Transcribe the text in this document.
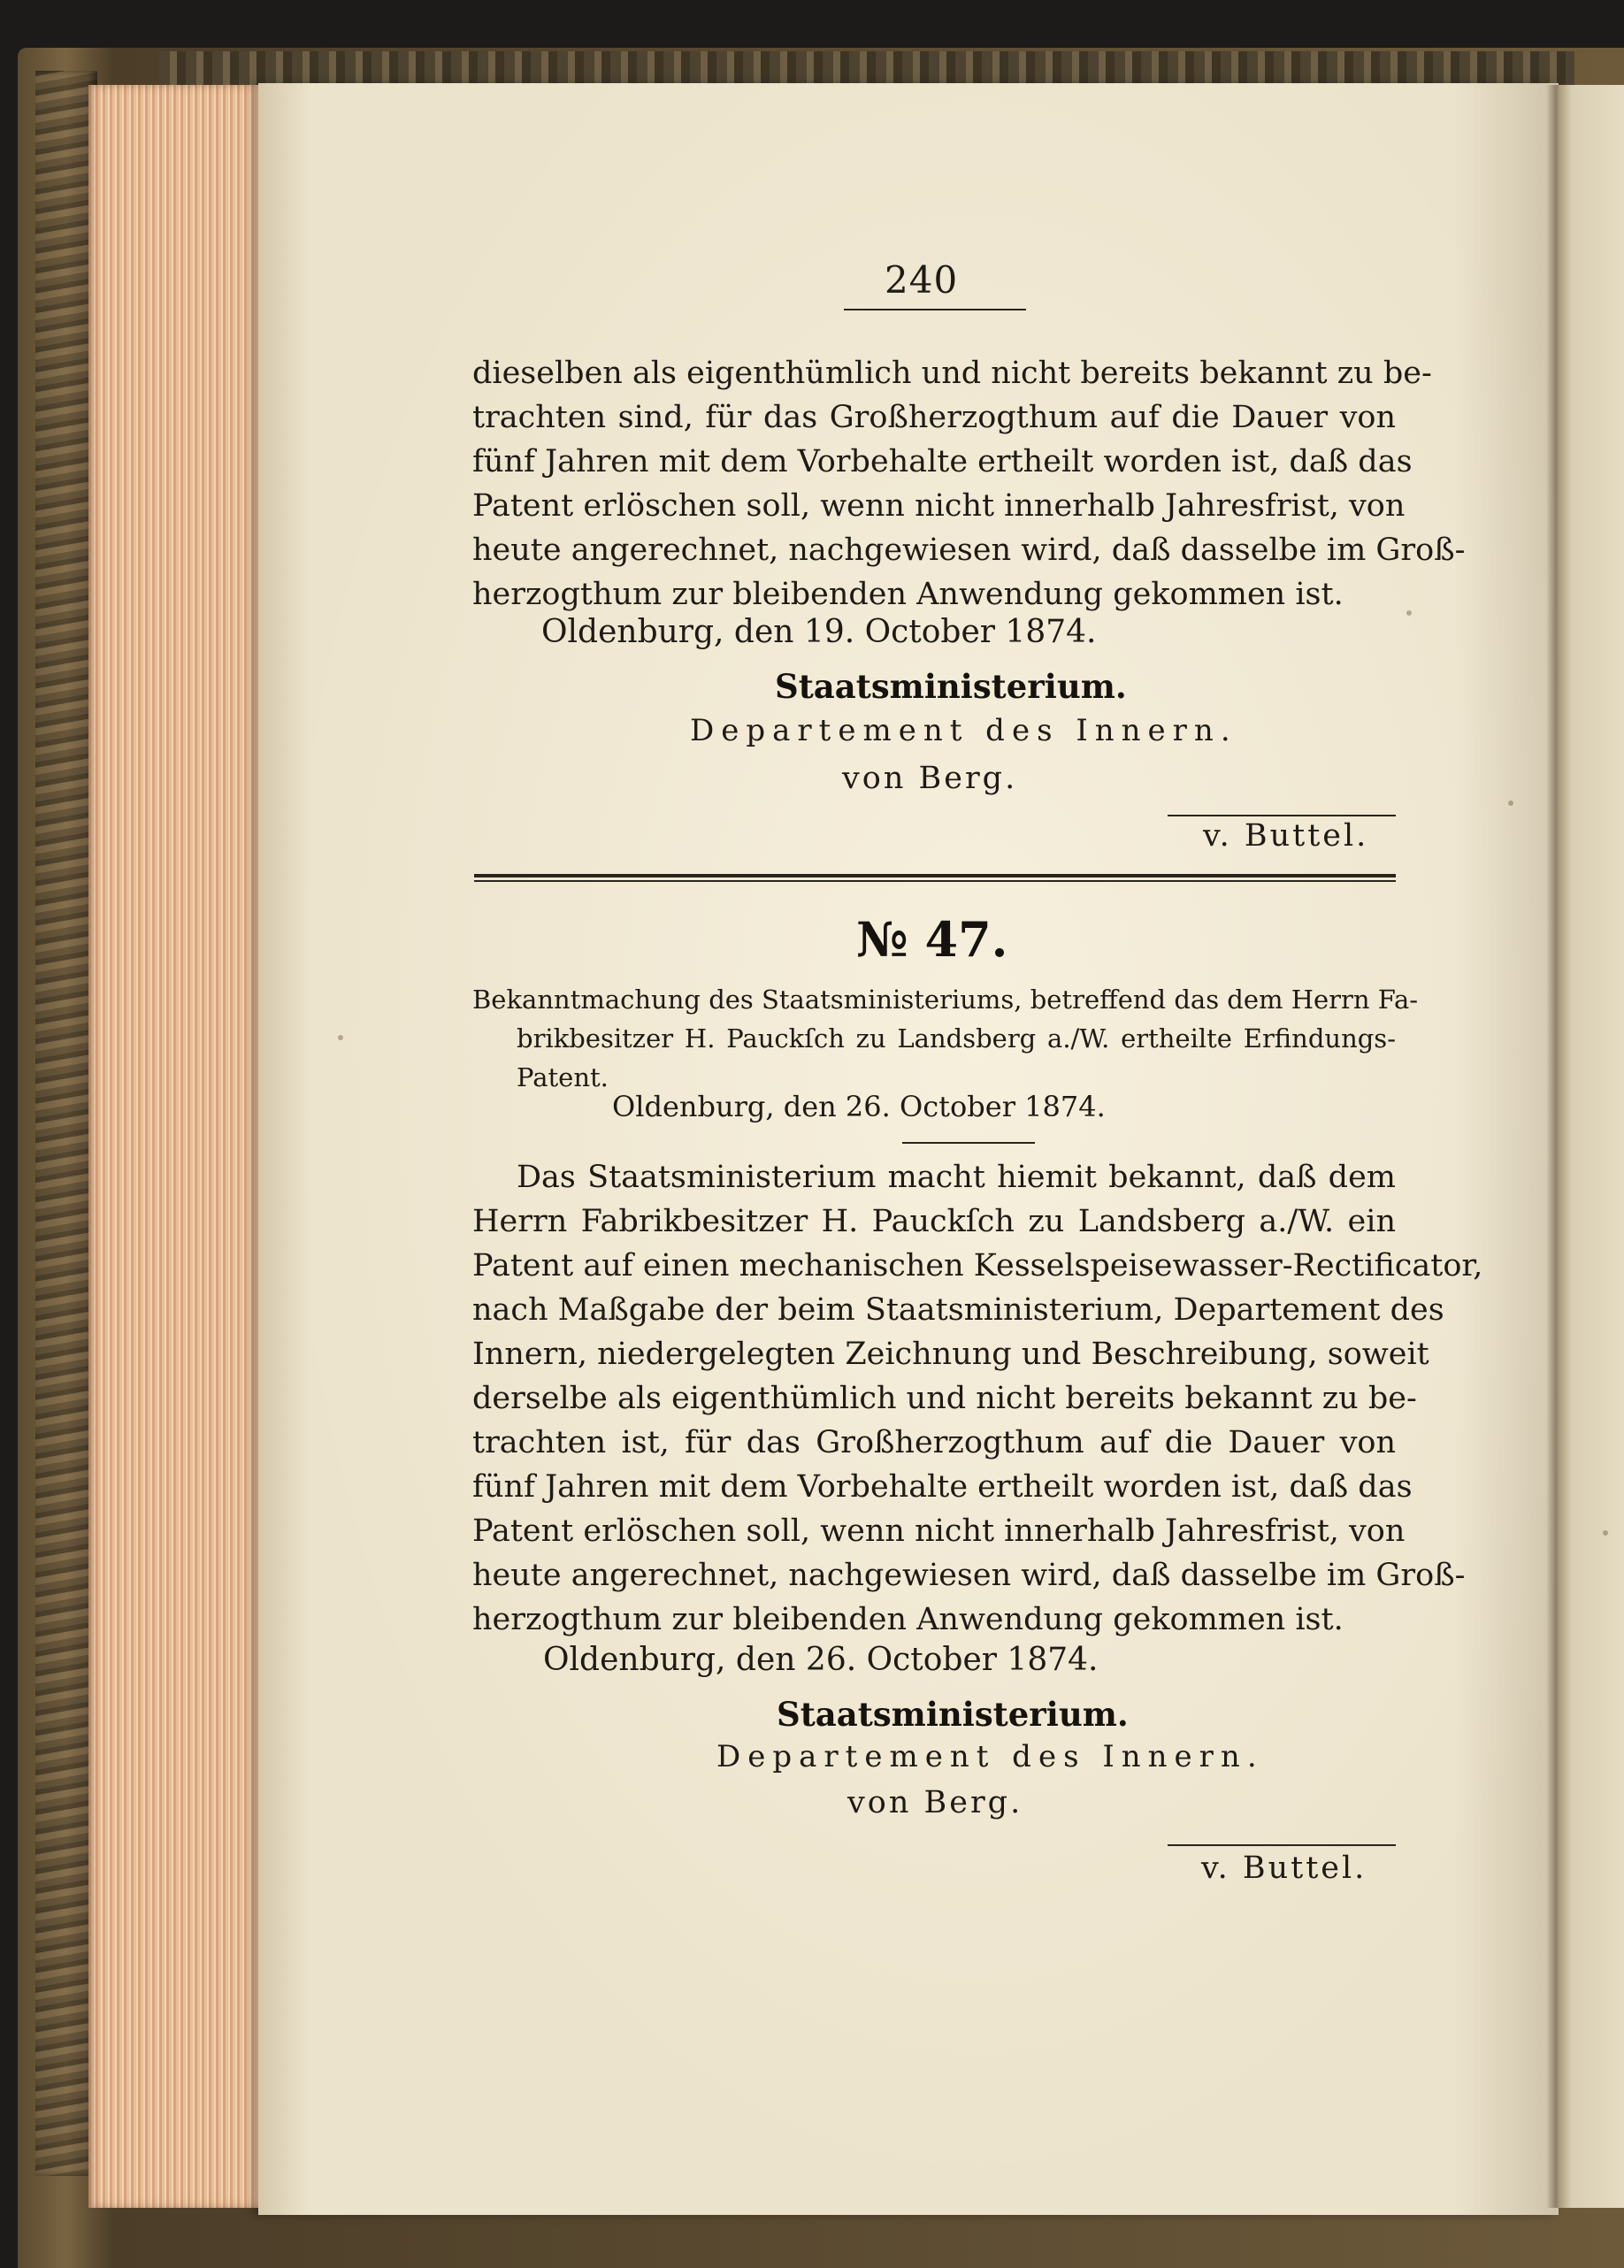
240
dieselben als eigenthümlich und nicht bereits bekannt zu be-
trachten sind, für das Großherzogthum auf die Dauer von
fünf Jahren mit dem Vorbehalte ertheilt worden ist, daß das
Patent erlöschen soll, wenn nicht innerhalb Jahresfrist, von
heute angerechnet, nachgewiesen wird, daß dasselbe im Groß-
herzogthum zur bleibenden Anwendung gekommen ist.
Oldenburg, den 19. October 1874.
Staatsministerium.
Departement des Innern.
von Berg.
v. Buttel.
№ 47.
Bekanntmachung des Staatsministeriums, betreffend das dem Herrn Fa-
brikbesitzer H. Pauckſch zu Landsberg a./W. ertheilte Erfindungs-
Patent.
Oldenburg, den 26. October 1874.
Das Staatsministerium macht hiemit bekannt, daß dem
Herrn Fabrikbesitzer H. Pauckſch zu Landsberg a./W. ein
Patent auf einen mechanischen Kesselspeisewasser-Rectificator,
nach Maßgabe der beim Staatsministerium, Departement des
Innern, niedergelegten Zeichnung und Beschreibung, soweit
derselbe als eigenthümlich und nicht bereits bekannt zu be-
trachten ist, für das Großherzogthum auf die Dauer von
fünf Jahren mit dem Vorbehalte ertheilt worden ist, daß das
Patent erlöschen soll, wenn nicht innerhalb Jahresfrist, von
heute angerechnet, nachgewiesen wird, daß dasselbe im Groß-
herzogthum zur bleibenden Anwendung gekommen ist.
Oldenburg, den 26. October 1874.
Staatsministerium.
Departement des Innern.
von Berg.
v. Buttel.
